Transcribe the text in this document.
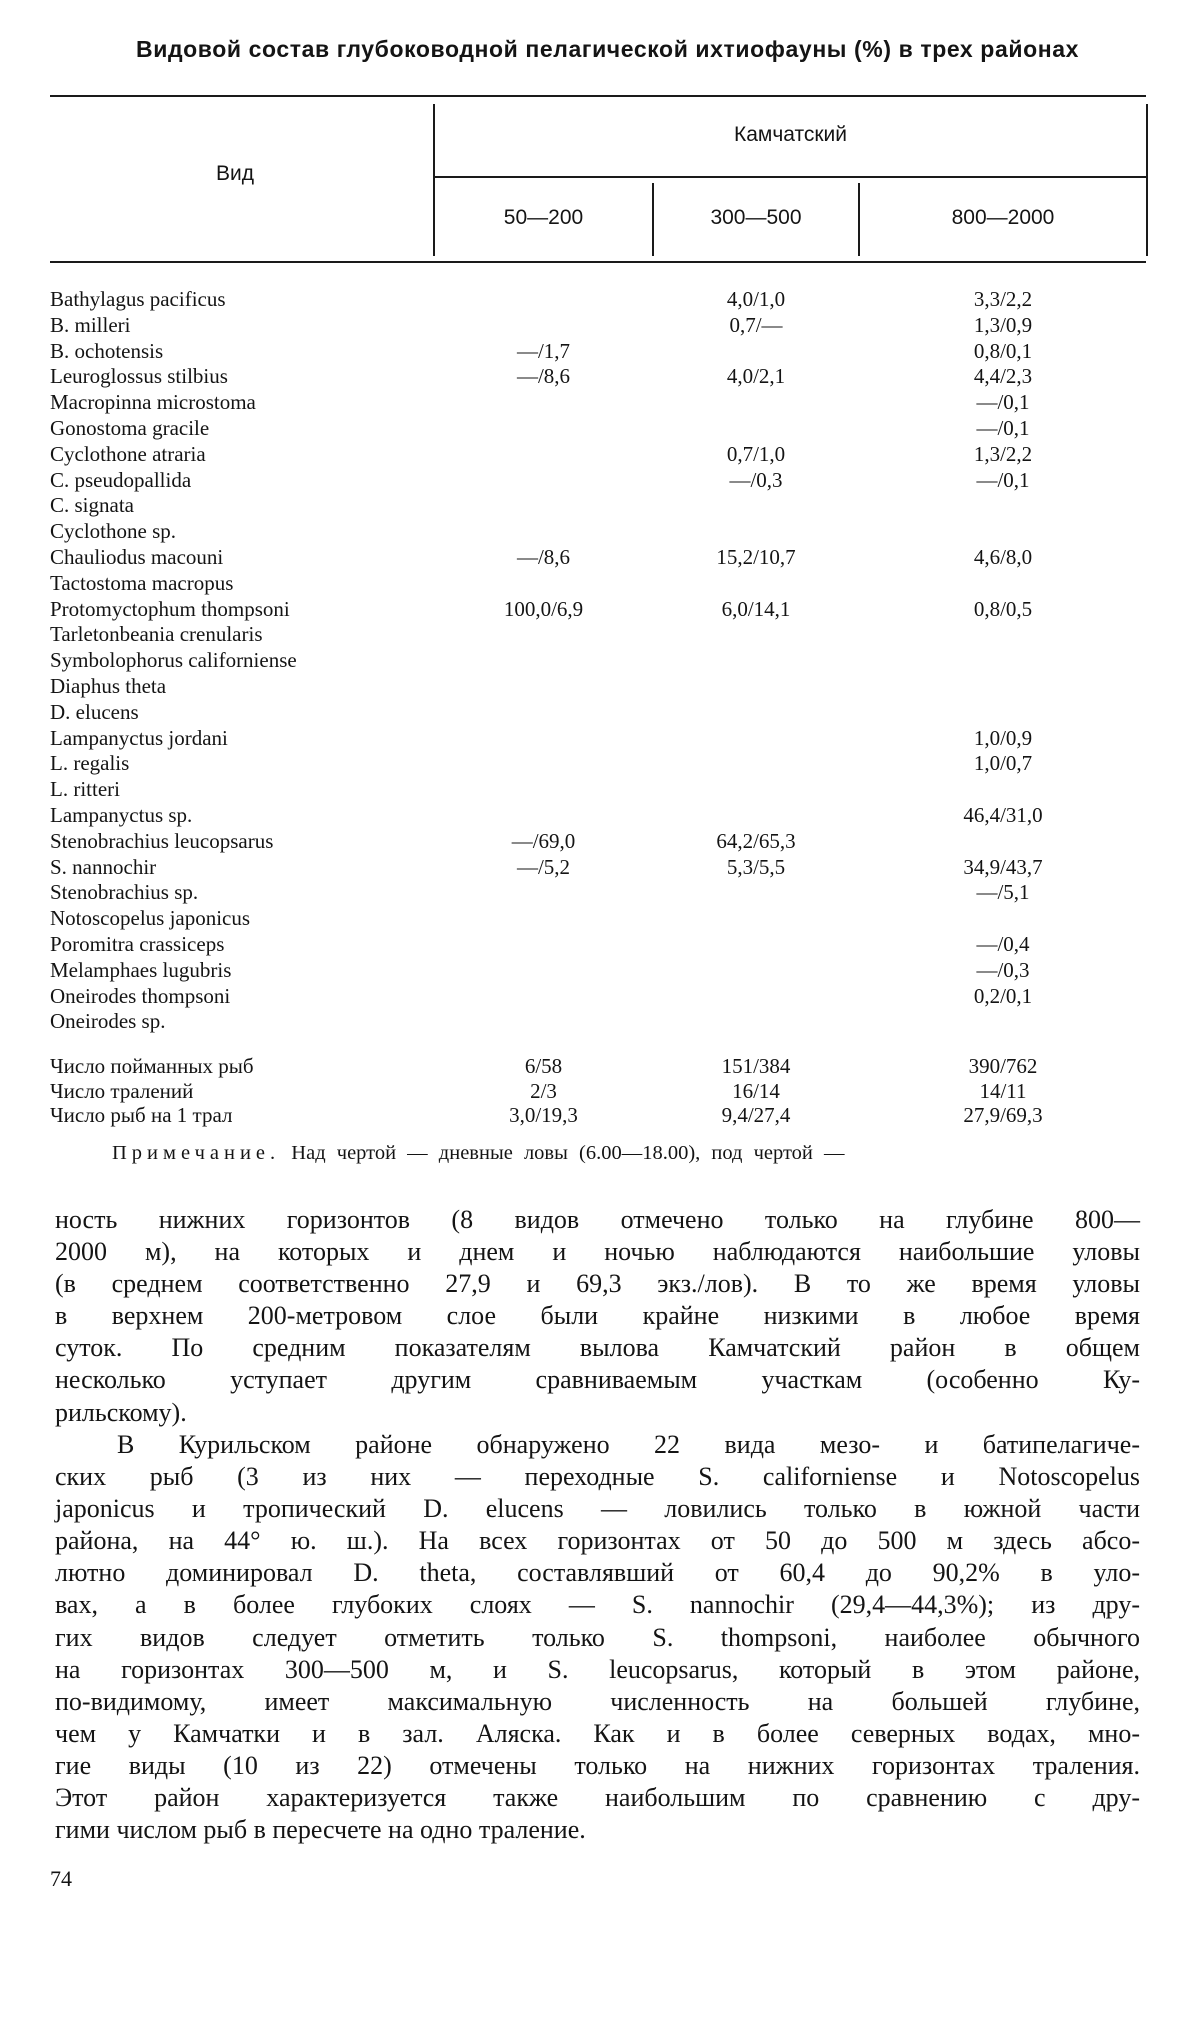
Видовой состав глубоководной пелагической ихтиофауны (%) в трех районах
Вид
Камчатский
50—200	300—500	800—2000
Bathylagus pacificus
B. milleri
B. ochotensis
Leuroglossus stilbius
Macropinna microstoma
Gonostoma gracile
Cyclothone atraria
C. pseudopallida
C. signata
Cyclothone sp.
Chauliodus macouni
Tactostoma macropus
Protomyctophum thompsoni
Tarletonbeania crenularis
Symbolophorus californiense
Diaphus theta
D. elucens
Lampanyctus jordani
L. regalis
L. ritteri
Lampanyctus sp.
Stenobrachius leucopsarus
S. nannochir
Stenobrachius sp.
Notoscopelus japonicus
Poromitra crassiceps
Melamphaes lugubris
Oneirodes thompsoni
Oneirodes sp.
—/1,7
—/8,6
—/8,6
100,0/6,9
—/69,0
—/5,2
4,0/1,0
0,7/—
4,0/2,1
0,7/1,0
—/0,3
15,2/10,7
6,0/14,1
64,2/65,3
5,3/5,5
3,3/2,2
1,3/0,9
0,8/0,1
4,4/2,3
—/0,1
—/0,1
1,3/2,2
—/0,1
4,6/8,0
0,8/0,5
1,0/0,9
1,0/0,7
46,4/31,0
34,9/43,7
—/5,1
—/0,4
—/0,3
0,2/0,1
Число пойманных рыб
Число тралений
Число рыб на 1 трал
6/58
2/3
3,0/19,3
151/384
16/14
9,4/27,4
390/762
14/11
27,9/69,3
Примечание. Над чертой — дневные ловы (6.00—18.00), под чертой —

ность нижних горизонтов (8 видов отмечено только на глубине 800—

2000 м), на которых и днем и ночью наблюдаются наибольшие уловы

(в среднем соответственно 27,9 и 69,3 экз./лов). В то же время уловы

в верхнем 200-метровом слое были крайне низкими в любое время

суток. По средним показателям вылова Камчатский район в общем

несколько уступает другим сравниваемым участкам (особенно Ку-

рильскому).

В Курильском районе обнаружено 22 вида мезо- и батипелагиче-

ских рыб (3 из них — переходные S. californiense и Notoscopelus

japonicus и тропический D. elucens — ловились только в южной части

района, на 44° ю. ш.). На всех горизонтах от 50 до 500 м здесь абсо-

лютно доминировал D. theta, составлявший от 60,4 до 90,2% в уло-

вах, а в более глубоких слоях — S. nannochir (29,4—44,3%); из дру-

гих видов следует отметить только S. thompsoni, наиболее обычного

на горизонтах 300—500 м, и S. leucopsarus, который в этом районе,

по-видимому, имеет максимальную численность на большей глубине,

чем у Камчатки и в зал. Аляска. Как и в более северных водах, мно-

гие виды (10 из 22) отмечены только на нижних горизонтах траления.

Этот район характеризуется также наибольшим по сравнению с дру-

гими числом рыб в пересчете на одно траление.

74
